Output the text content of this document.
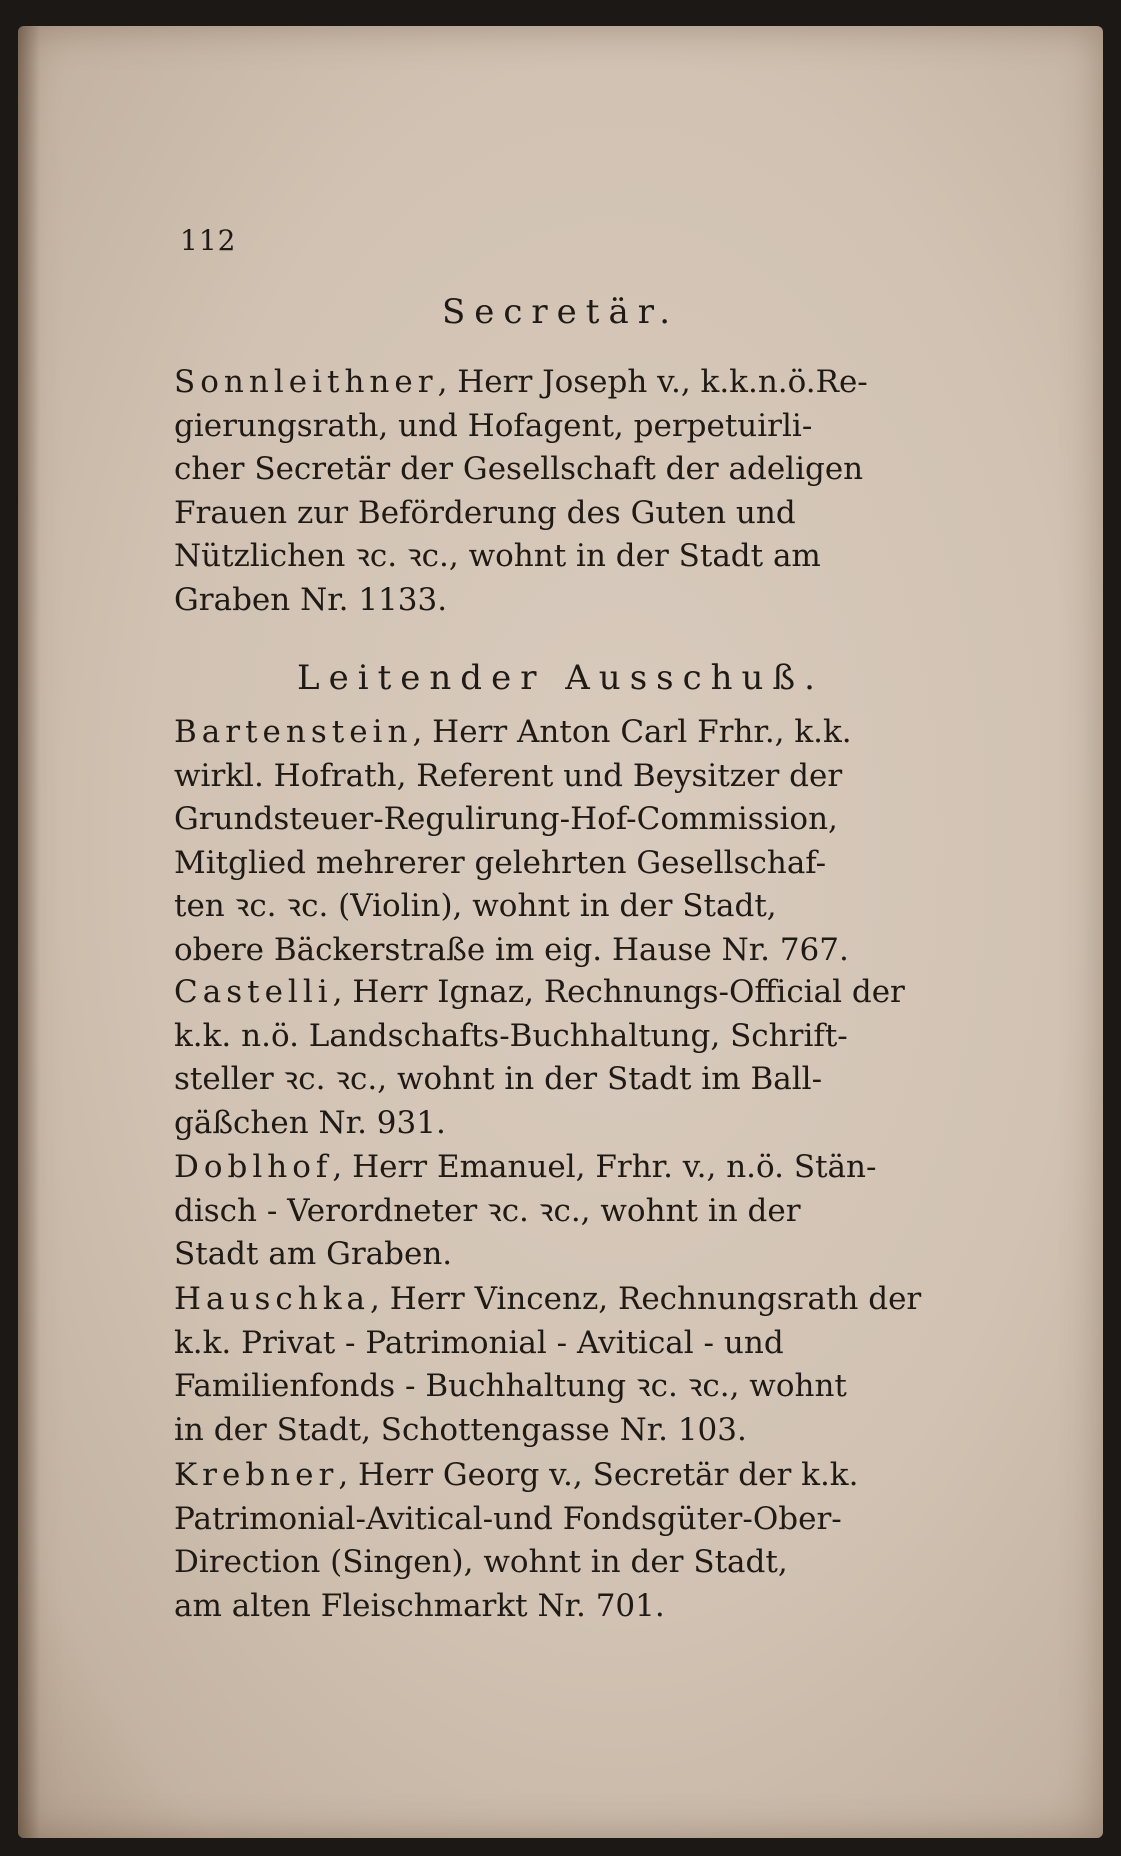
112
Secretär.
Sonnleithner, Herr Joseph v., k.k.n.ö.Re-
gierungsrath, und Hofagent, perpetuirli-
cher Secretär der Gesellschaft der adeligen
Frauen zur Beförderung des Guten und
Nützlichen ꝛc. ꝛc., wohnt in der Stadt am
Graben Nr. 1133.
Leitender Ausschuß.
Bartenstein, Herr Anton Carl Frhr., k.k.
wirkl. Hofrath, Referent und Beysitzer der
Grundsteuer-Regulirung-Hof-Commission,
Mitglied mehrerer gelehrten Gesellschaf-
ten ꝛc. ꝛc. (Violin), wohnt in der Stadt,
obere Bäckerstraße im eig. Hause Nr. 767.
Castelli, Herr Ignaz, Rechnungs-Official der
k.k. n.ö. Landschafts-Buchhaltung, Schrift-
steller ꝛc. ꝛc., wohnt in der Stadt im Ball-
gäßchen Nr. 931.
Doblhof, Herr Emanuel, Frhr. v., n.ö. Stän-
disch - Verordneter ꝛc. ꝛc., wohnt in der
Stadt am Graben.
Hauschka, Herr Vincenz, Rechnungsrath der
k.k. Privat - Patrimonial - Avitical - und
Familienfonds - Buchhaltung ꝛc. ꝛc., wohnt
in der Stadt, Schottengasse Nr. 103.
Krebner, Herr Georg v., Secretär der k.k.
Patrimonial-Avitical-und Fondsgüter-Ober-
Direction (Singen), wohnt in der Stadt,
am alten Fleischmarkt Nr. 701.
